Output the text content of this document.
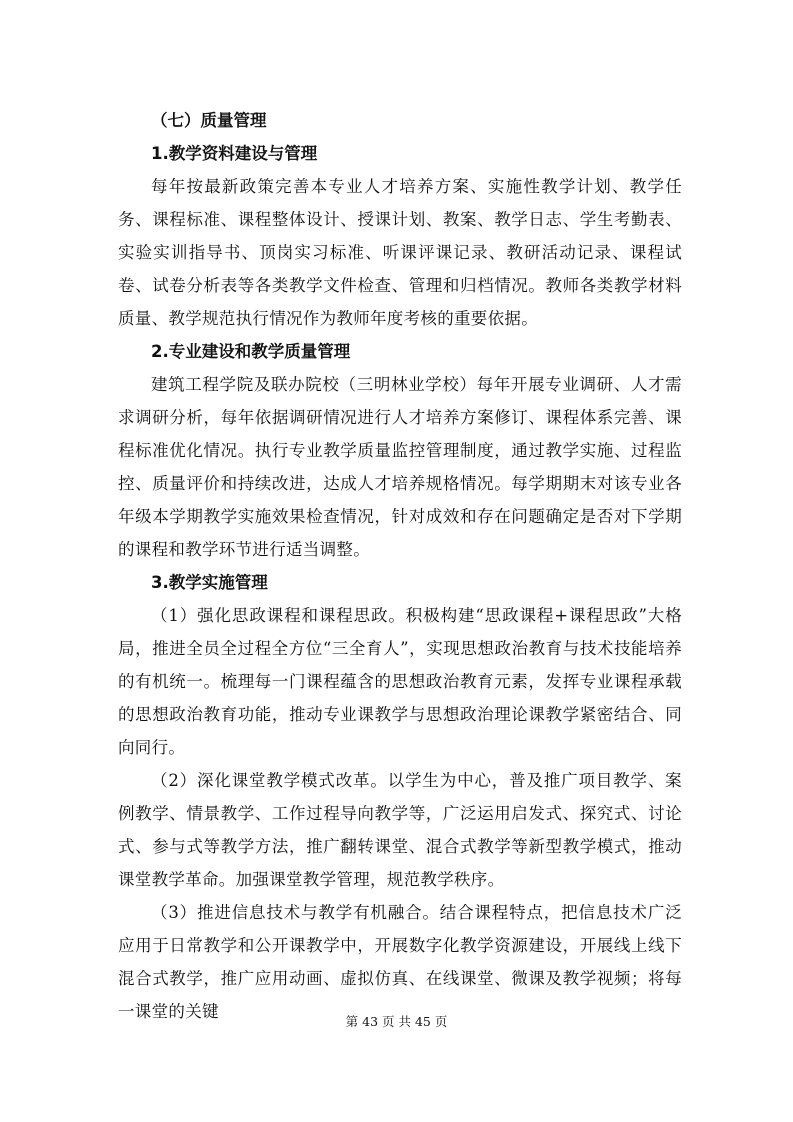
（七）质量管理

1.教学资料建设与管理

每年按最新政策完善本专业人才培养方案、实施性教学计划、教学任务、课程标准、课程整体设计、授课计划、教案、教学日志、学生考勤表、实验实训指导书、顶岗实习标准、听课评课记录、教研活动记录、课程试卷、试卷分析表等各类教学文件检查、管理和归档情况。教师各类教学材料质量、教学规范执行情况作为教师年度考核的重要依据。

2.专业建设和教学质量管理

建筑工程学院及联办院校（三明林业学校）每年开展专业调研、人才需求调研分析，每年依据调研情况进行人才培养方案修订、课程体系完善、课程标准优化情况。执行专业教学质量监控管理制度，通过教学实施、过程监控、质量评价和持续改进，达成人才培养规格情况。每学期期末对该专业各年级本学期教学实施效果检查情况，针对成效和存在问题确定是否对下学期的课程和教学环节进行适当调整。

3.教学实施管理

（1）强化思政课程和课程思政。积极构建“思政课程+课程思政”大格局，推进全员全过程全方位“三全育人”，实现思想政治教育与技术技能培养的有机统一。梳理每一门课程蕴含的思想政治教育元素，发挥专业课程承载的思想政治教育功能，推动专业课教学与思想政治理论课教学紧密结合、同向同行。

（2）深化课堂教学模式改革。以学生为中心，普及推广项目教学、案例教学、情景教学、工作过程导向教学等，广泛运用启发式、探究式、讨论式、参与式等教学方法，推广翻转课堂、混合式教学等新型教学模式，推动课堂教学革命。加强课堂教学管理，规范教学秩序。

（3）推进信息技术与教学有机融合。结合课程特点，把信息技术广泛应用于日常教学和公开课教学中，开展数字化教学资源建设，开展线上线下混合式教学，推广应用动画、虚拟仿真、在线课堂、微课及教学视频；将每一课堂的关键

第 43 页 共 45 页
